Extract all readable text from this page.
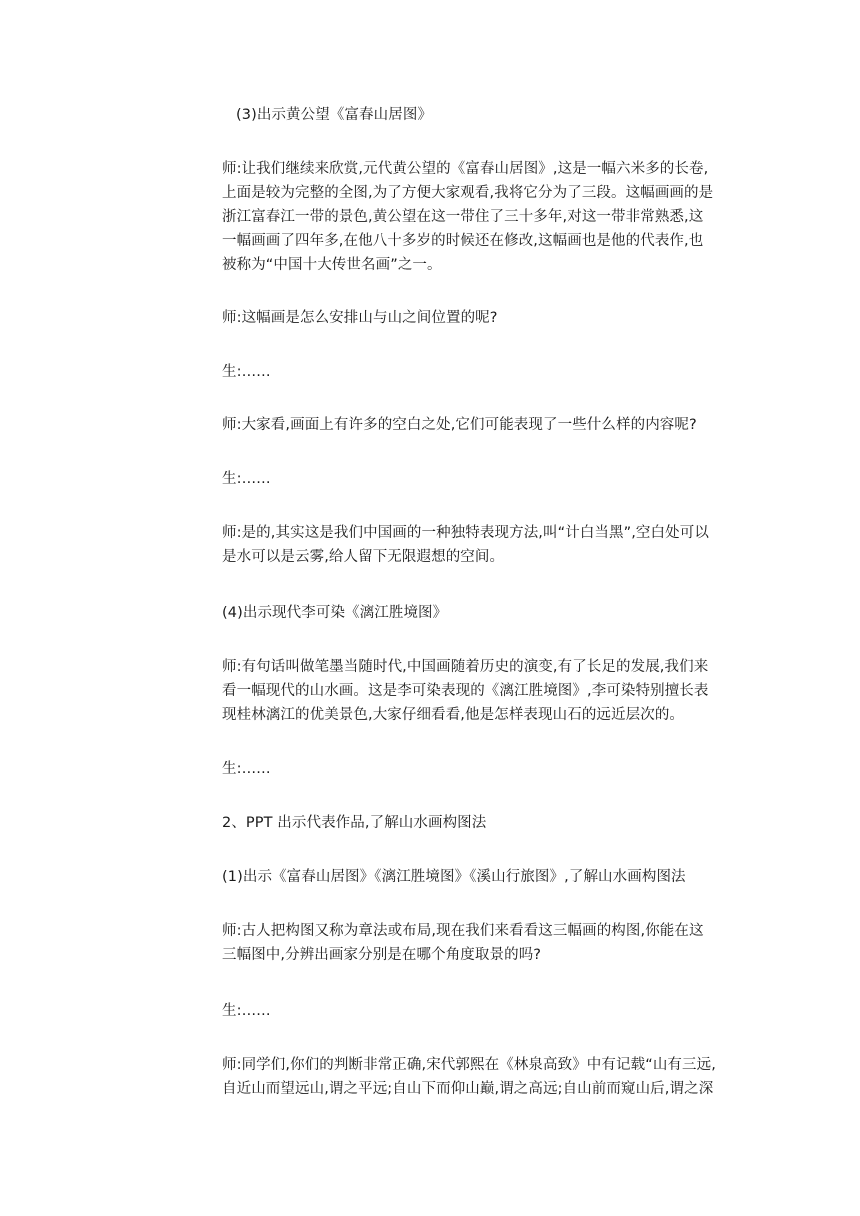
(3)出示黄公望《富春山居图》
师:让我们继续来欣赏,元代黄公望的《富春山居图》,这是一幅六米多的长卷,
上面是较为完整的全图,为了方便大家观看,我将它分为了三段。这幅画画的是
浙江富春江一带的景色,黄公望在这一带住了三十多年,对这一带非常熟悉,这
一幅画画了四年多,在他八十多岁的时候还在修改,这幅画也是他的代表作,也
被称为“中国十大传世名画”之一。
师:这幅画是怎么安排山与山之间位置的呢?
生:……
师:大家看,画面上有许多的空白之处,它们可能表现了一些什么样的内容呢?
生:……
师:是的,其实这是我们中国画的一种独特表现方法,叫“计白当黑”,空白处可以
是水可以是云雾,给人留下无限遐想的空间。
(4)出示现代李可染《漓江胜境图》
师:有句话叫做笔墨当随时代,中国画随着历史的演变,有了长足的发展,我们来
看一幅现代的山水画。这是李可染表现的《漓江胜境图》,李可染特别擅长表
现桂林漓江的优美景色,大家仔细看看,他是怎样表现山石的远近层次的。
生:……
2、PPT 出示代表作品,了解山水画构图法
(1)出示《富春山居图》《漓江胜境图》《溪山行旅图》,了解山水画构图法
师:古人把构图又称为章法或布局,现在我们来看看这三幅画的构图,你能在这
三幅图中,分辨出画家分别是在哪个角度取景的吗?
生:……
师:同学们,你们的判断非常正确,宋代郭熙在《林泉高致》中有记载“山有三远,
自近山而望远山,谓之平远;自山下而仰山巅,谓之高远;自山前而窥山后,谓之深
